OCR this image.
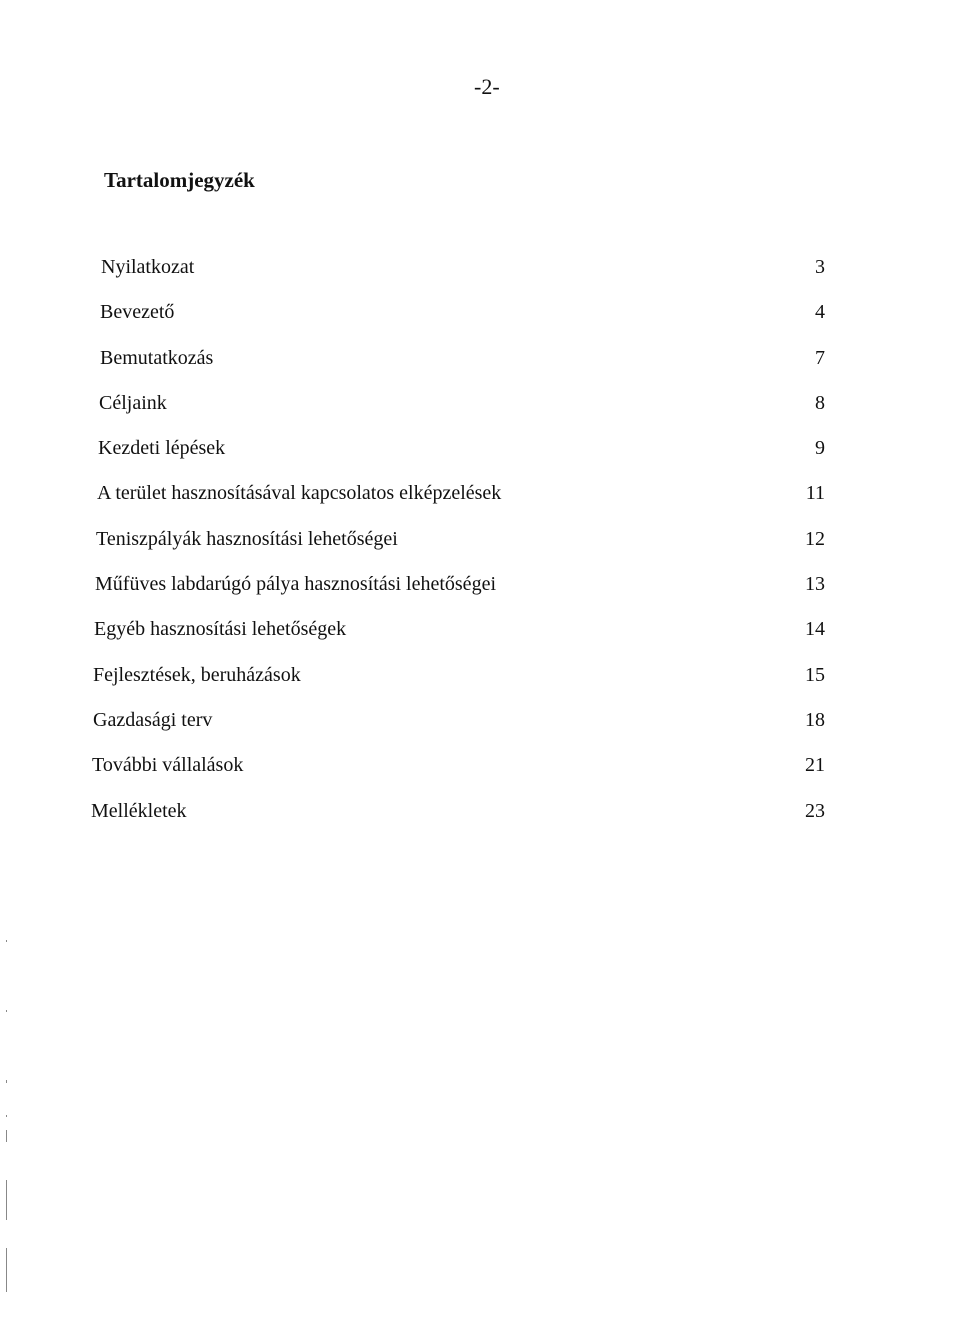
-2-
Tartalomjegyzék
Nyilatkozat	3
Bevezető	4
Bemutatkozás	7
Céljaink	8
Kezdeti lépések	9
A terület hasznosításával kapcsolatos elképzelések	11
Teniszpályák hasznosítási lehetőségei	12
Műfüves labdarúgó pálya hasznosítási lehetőségei	13
Egyéb hasznosítási lehetőségek	14
Fejlesztések, beruházások	15
Gazdasági terv	18
További vállalások	21
Mellékletek	23
